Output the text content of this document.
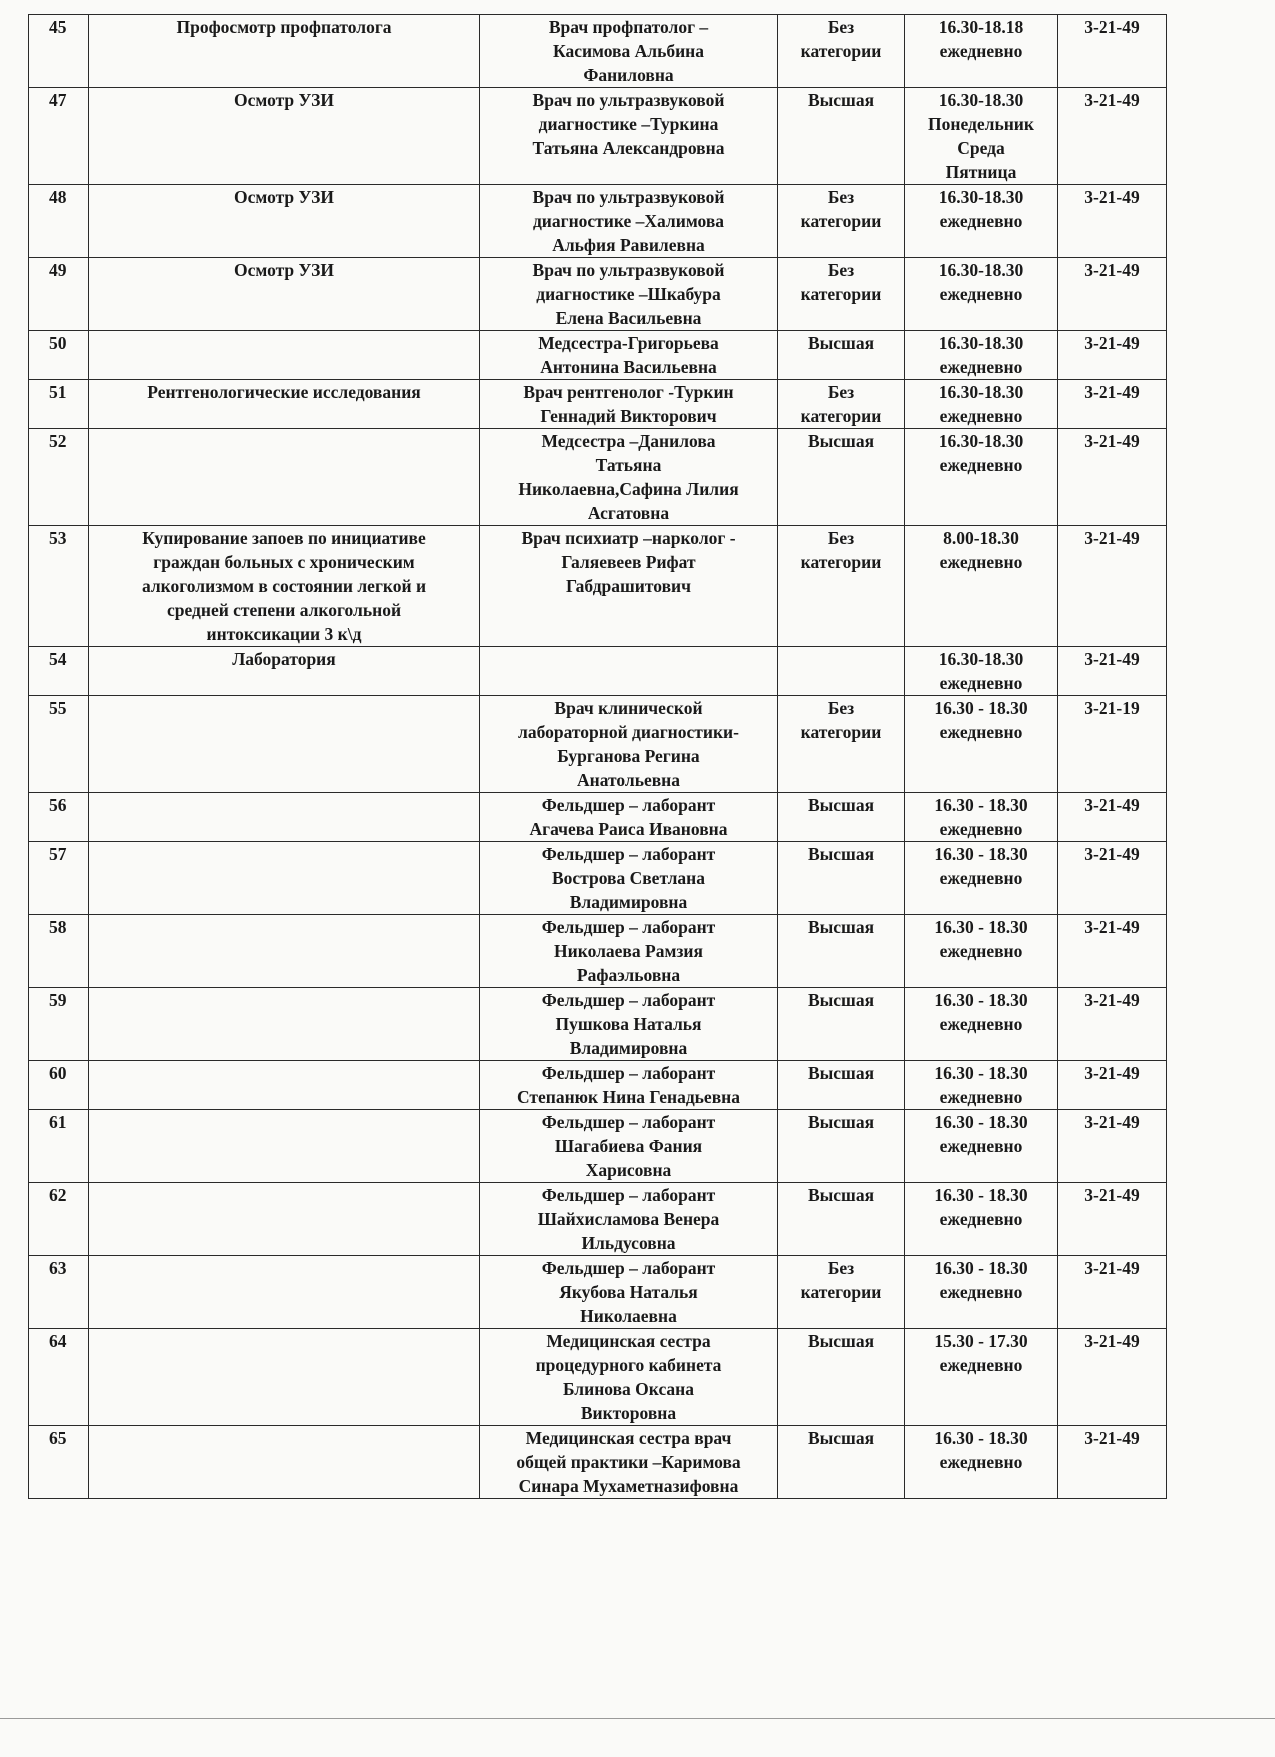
45	Профосмотр профпатолога	Врач профпатолог –
Касимова Альбина
Фаниловна	Без
категории	16.30-18.18
ежедневно	3-21-49
47	Осмотр УЗИ	Врач по ультразвуковой
диагностике –Туркина
Татьяна Александровна	Высшая	16.30-18.30
Понедельник
Среда
Пятница	3-21-49
48	Осмотр УЗИ	Врач по ультразвуковой
диагностике –Халимова
Альфия Равилевна	Без
категории	16.30-18.30
ежедневно	3-21-49
49	Осмотр УЗИ	Врач по ультразвуковой
диагностике –Шкабура
Елена Васильевна	Без
категории	16.30-18.30
ежедневно	3-21-49
50		Медсестра-Григорьева
Антонина Васильевна	Высшая	16.30-18.30
ежедневно	3-21-49
51	Рентгенологические исследования	Врач рентгенолог -Туркин
Геннадий Викторович	Без
категории	16.30-18.30
ежедневно	3-21-49
52		Медсестра –Данилова
Татьяна
Николаевна,Сафина Лилия
Асгатовна	Высшая	16.30-18.30
ежедневно	3-21-49
53	Купирование запоев по инициативе
граждан больных с хроническим
алкоголизмом в состоянии легкой и
средней степени алкогольной
интоксикации 3 к\д	Врач психиатр –нарколог -
Галяевеев Рифат
Габдрашитович	Без
категории	8.00-18.30
ежедневно	3-21-49
54	Лаборатория			16.30-18.30
ежедневно	3-21-49
55		Врач клинической
лабораторной диагностики-
Бурганова Регина
Анатольевна	Без
категории	16.30 - 18.30
ежедневно	3-21-19
56		Фельдшер – лаборант
Агачева Раиса Ивановна	Высшая	16.30 - 18.30
ежедневно	3-21-49
57		Фельдшер – лаборант
Вострова Светлана
Владимировна	Высшая	16.30 - 18.30
ежедневно	3-21-49
58		Фельдшер – лаборант
Николаева Рамзия
Рафаэльовна	Высшая	16.30 - 18.30
ежедневно	3-21-49
59		Фельдшер – лаборант
Пушкова Наталья
Владимировна	Высшая	16.30 - 18.30
ежедневно	3-21-49
60		Фельдшер – лаборант
Степанюк Нина Генадьевна	Высшая	16.30 - 18.30
ежедневно	3-21-49
61		Фельдшер – лаборант
Шагабиева Фания
Харисовна	Высшая	16.30 - 18.30
ежедневно	3-21-49
62		Фельдшер – лаборант
Шайхисламова Венера
Ильдусовна	Высшая	16.30 - 18.30
ежедневно	3-21-49
63		Фельдшер – лаборант
Якубова Наталья
Николаевна	Без
категории	16.30 - 18.30
ежедневно	3-21-49
64		Медицинская сестра
процедурного кабинета
Блинова Оксана
Викторовна	Высшая	15.30 - 17.30
ежедневно	3-21-49
65		Медицинская сестра врач
общей практики –Каримова
Синара Мухаметназифовна	Высшая	16.30 - 18.30
ежедневно	3-21-49
